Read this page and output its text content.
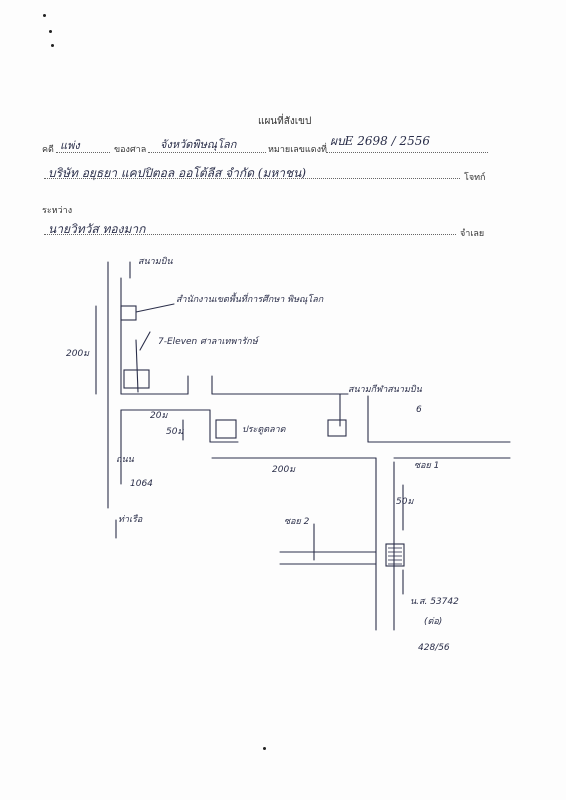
แผนที่สังเขป
คดี แพ่ง	ของศาล จังหวัดพิษณุโลก	หมายเลขแดงที่
ผบE 2698 / 2556
บริษัท อยุธยา แคปปิตอล ออโต้ลีส จำกัด (มหาชน)	โจทก์
ระหว่าง
นายวิทวัส ทองมาก	จำเลย
สนามบิน
สำนักงานเขตพื้นที่การศึกษา พิษณุโลก
7-Eleven ศาลาเทพารักษ์
200ม
20ม
50ม	ประตูตลาด
สนามกีฬาสนามบิน
6
200ม	ซอย 1
ถนน
1064
50ม
ซอย 2
ท่าเรือ
น.ส. 53742
(ต่อ)
428/56
